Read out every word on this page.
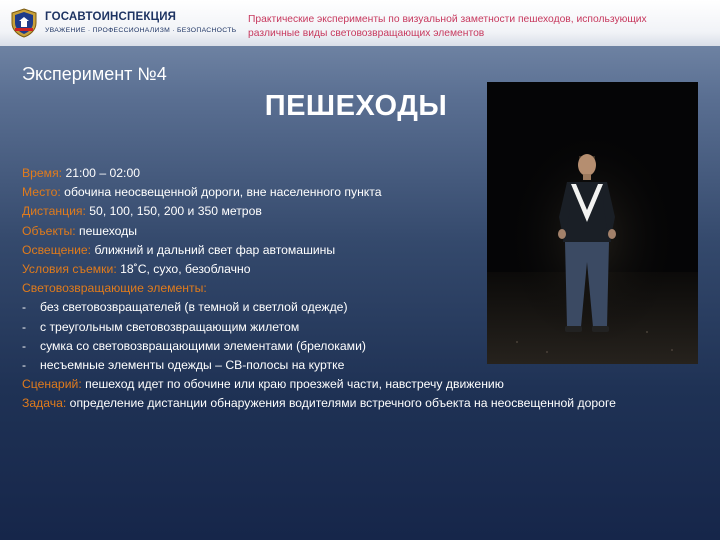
ГОСАВТОИНСПЕКЦИЯ
УВАЖЕНИЕ · ПРОФЕССИОНАЛИЗМ · БЕЗОПАСНОСТЬ
Практические эксперименты по визуальной заметности пешеходов, использующих различные виды световозвращающих элементов
Эксперимент №4
ПЕШЕХОДЫ
Время: 21:00 – 02:00
Место: обочина неосвещенной дороги, вне населенного пункта
Дистанция: 50, 100, 150, 200 и 350 метров
Объекты: пешеходы
Освещение: ближний и дальний свет фар автомашины
Условия съемки: 18˚С, сухо, безоблачно
Световозвращающие элементы:
-	без световозвращателей (в темной и светлой одежде)
-	с треугольным световозвращающим жилетом
-	сумка со световозвращающими элементами (брелоками)
-	несъемные элементы одежды – СВ-полосы на куртке
Сценарий: пешеход идет по обочине или краю проезжей части, навстречу движению
Задача: определение дистанции обнаружения водителями встречного объекта на неосвещенной дороге
